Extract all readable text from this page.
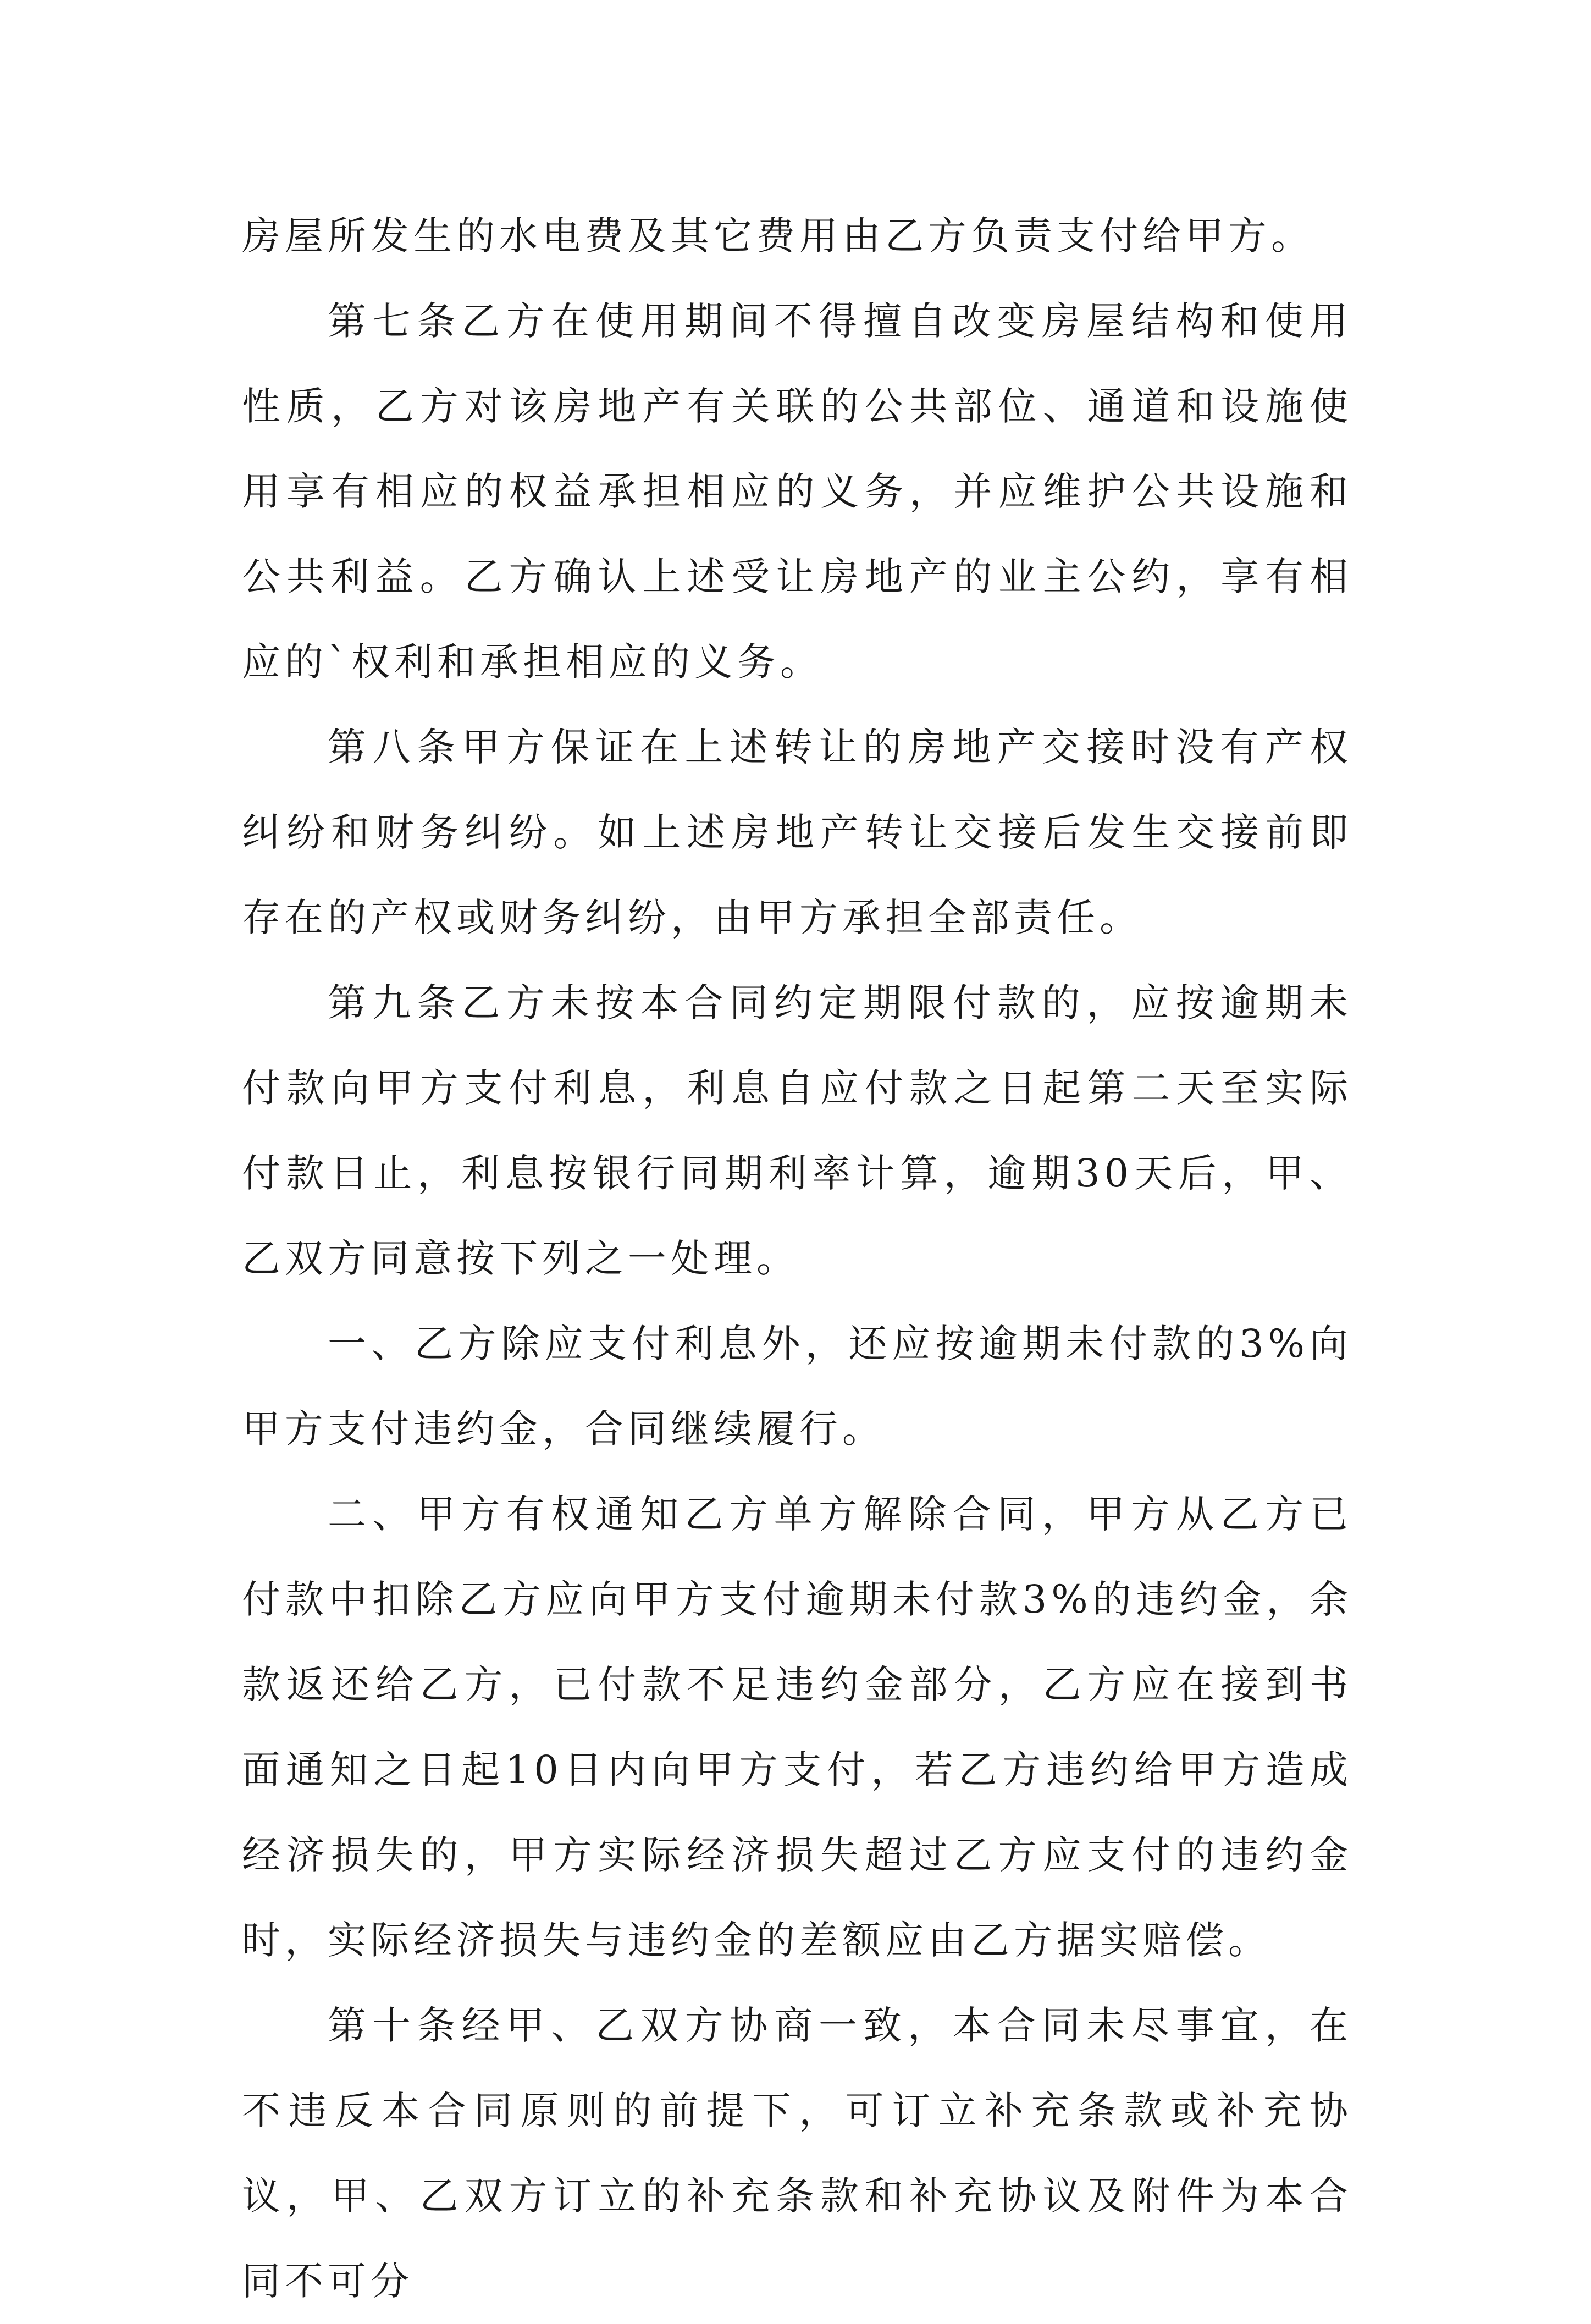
房屋所发生的水电费及其它费用由乙方负责支付给甲方。

第七条乙方在使用期间不得擅自改变房屋结构和使用性质，乙方对该房地产有关联的公共部位、通道和设施使用享有相应的权益承担相应的义务，并应维护公共设施和公共利益。乙方确认上述受让房地产的业主公约，享有相应的`权利和承担相应的义务。

第八条甲方保证在上述转让的房地产交接时没有产权纠纷和财务纠纷。如上述房地产转让交接后发生交接前即存在的产权或财务纠纷，由甲方承担全部责任。

第九条乙方未按本合同约定期限付款的，应按逾期未付款向甲方支付利息，利息自应付款之日起第二天至实际付款日止，利息按银行同期利率计算，逾期30天后，甲、乙双方同意按下列之一处理。

一、乙方除应支付利息外，还应按逾期未付款的3%向甲方支付违约金，合同继续履行。

二、甲方有权通知乙方单方解除合同，甲方从乙方已付款中扣除乙方应向甲方支付逾期未付款3%的违约金，余款返还给乙方，已付款不足违约金部分，乙方应在接到书面通知之日起10日内向甲方支付，若乙方违约给甲方造成经济损失的，甲方实际经济损失超过乙方应支付的违约金时，实际经济损失与违约金的差额应由乙方据实赔偿。

第十条经甲、乙双方协商一致，本合同未尽事宜，在不违反本合同原则的前提下，可订立补充条款或补充协议，甲、乙双方订立的补充条款和补充协议及附件为本合同不可分
